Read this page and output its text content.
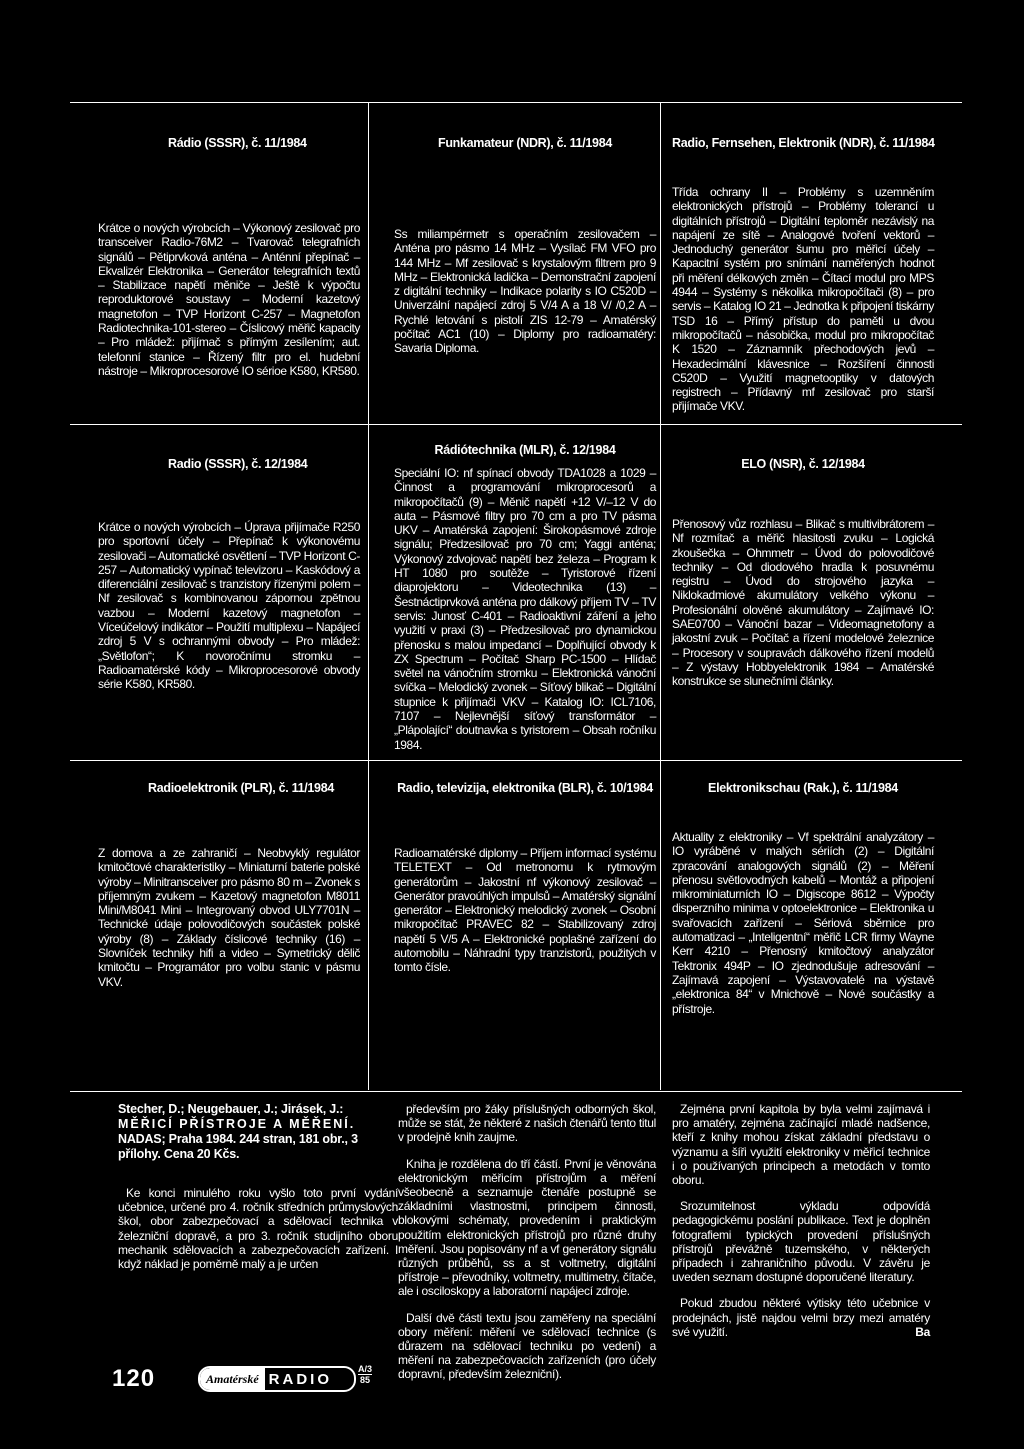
Rádio (SSSR), č. 11/1984
Krátce o nových výrobcích – Výkonový zesilovač pro transceiver Radio-76M2 – Tvarovač telegrafních signálů – Pětiprvková anténa – Anténní přepínač – Ekvalizér Elektronika – Generátor telegrafních textů – Stabilizace napětí měniče – Ještě k výpočtu reproduktorové soustavy – Moderní kazetový magnetofon – TVP Horizont C-257 – Magnetofon Radiotechnika-101-stereo – Číslicový měřič kapacity – Pro mládež: přijímač s přímým zesílením; aut. telefonní stanice – Řízený filtr pro el. hudební nástroje – Mikroprocesorové IO sérioe K580, KR580.
Funkamateur (NDR), č. 11/1984
Ss miliampérmetr s operačním zesilovačem – Anténa pro pásmo 14 MHz – Vysílač FM VFO pro 144 MHz – Mf zesilovač s krystalovým filtrem pro 9 MHz – Elektronická ladička – Demonstrační zapojení z digitální techniky – Indikace polarity s IO C520D – Univerzální napájecí zdroj 5 V/4 A a 18 V/ /0,2 A – Rychlé letování s pistolí ZIS 12-79 – Amatérský počítač AC1 (10) – Diplomy pro radioamatéry: Savaria Diploma.
Radio, Fernsehen, Elektronik (NDR), č. 11/1984
Třída ochrany II – Problémy s uzemněním elektronických přístrojů – Problémy tolerancí u digitálních přístrojů – Digitální teploměr nezávislý na napájení ze sítě – Analogové tvoření vektorů – Jednoduchý generátor šumu pro měřicí účely – Kapacitní systém pro snímání naměřených hodnot při měření délkových změn – Čítací modul pro MPS 4944 – Systémy s několika mikropočítači (8) – pro servis – Katalog IO 21 – Jednotka k připojení tiskárny TSD 16 – Přímý přístup do paměti u dvou mikropočítačů – násobička, modul pro mikropočítač K 1520 – Záznamník přechodových jevů – Hexadecimální klávesnice – Rozšíření činnosti C520D – Využití magnetooptiky v datových registrech – Přídavný mf zesilovač pro starší přijímače VKV.
Radio (SSSR), č. 12/1984
Krátce o nových výrobcích – Úprava přijímače R250 pro sportovní účely – Přepínač k výkonovému zesilovači – Automatické osvětlení – TVP Horizont C-257 – Automatický vypínač televizoru – Kaskódový a diferenciální zesilovač s tranzistory řízenými polem – Nf zesilovač s kombinovanou zápornou zpětnou vazbou – Moderní kazetový magnetofon – Víceúčelový indikátor – Použití multiplexu – Napájecí zdroj 5 V s ochrannými obvody – Pro mládež: „Světlofon“; K novoročnímu stromku – Radioamatérské kódy – Mikroprocesorové obvody série K580, KR580.
Rádiótechnika (MLR), č. 12/1984
Speciální IO: nf spínací obvody TDA1028 a 1029 – Činnost a programování mikroprocesorů a mikropočítačů (9) – Měnič napětí +12 V/–12 V do auta – Pásmové filtry pro 70 cm a pro TV pásma UKV – Amatérská zapojení: Širokopásmové zdroje signálu; Předzesilovač pro 70 cm; Yaggi anténa; Výkonový zdvojovač napětí bez železa – Program k HT 1080 pro soutěže – Tyristorové řízení diaprojektoru – Videotechnika (13) – Šestnáctiprvková anténa pro dálkový příjem TV – TV servis: Junosť C-401 – Radioaktivní záření a jeho využití v praxi (3) – Předzesilovač pro dynamickou přenosku s malou impedancí – Doplňující obvody k ZX Spectrum – Počítač Sharp PC-1500 – Hlídač světel na vánočním stromku – Elektronická vánoční svíčka – Melodický zvonek – Síťový blikač – Digitální stupnice k přijímači VKV – Katalog IO: ICL7106, 7107 – Nejlevnější síťový transformátor – „Plápolající“ doutnavka s tyristorem – Obsah ročníku 1984.
ELO (NSR), č. 12/1984
Přenosový vůz rozhlasu – Blikač s multivibrátorem – Nf rozmítač a měřič hlasitosti zvuku – Logická zkoušečka – Ohmmetr – Úvod do polovodičové techniky – Od diodového hradla k posuvnému registru – Úvod do strojového jazyka – Niklokadmiové akumulátory velkého výkonu – Profesionální olověné akumulátory – Zajímavé IO: SAE0700 – Vánoční bazar – Videomagnetofony a jakostní zvuk – Počítač a řízení modelové železnice – Procesory v soupravách dálkového řízení modelů – Z výstavy Hobbyelektronik 1984 – Amatérské konstrukce se slunečními články.
Radioelektronik (PLR), č. 11/1984
Z domova a ze zahraničí – Neobvyklý regulátor kmitočtové charakteristiky – Miniaturní baterie polské výroby – Minitransceiver pro pásmo 80 m – Zvonek s příjemným zvukem – Kazetový magnetofon M8011 Mini/M8041 Mini – Integrovaný obvod ULY7701N – Technické údaje polovodičových součástek polské výroby (8) – Základy číslicové techniky (16) – Slovníček techniky hifi a video – Symetrický dělič kmitočtu – Programátor pro volbu stanic v pásmu VKV.
Radio, televizija, elektronika (BLR), č. 10/1984
Radioamatérské diplomy – Příjem informací systému TELETEXT – Od metronomu k rytmovým generátorům – Jakostní nf výkonový zesilovač – Generátor pravoúhlých impulsů – Amatérský signální generátor – Elektronický melodický zvonek – Osobní mikropočítač PRAVEC 82 – Stabilizovaný zdroj napětí 5 V/5 A – Elektronické poplašné zařízení do automobilu – Náhradní typy tranzistorů, použitých v tomto čísle.
Elektronikschau (Rak.), č. 11/1984
Aktuality z elektroniky – Vf spektrální analyzátory – IO vyráběné v malých sériích (2) – Digitální zpracování analogových signálů (2) – Měření přenosu světlovodných kabelů – Montáž a připojení mikrominiaturních IO – Digiscope 8612 – Výpočty disperzního minima v optoelektronice – Elektronika u svařovacích zařízení – Sériová sběrnice pro automatizaci – „Inteligentní“ měřič LCR firmy Wayne Kerr 4210 – Přenosný kmitočtový analyzátor Tektronix 494P – IO zjednodušuje adresování – Zajímavá zapojení – Výstavovatelé na výstavě „elektronica 84“ v Mnichově – Nové součástky a přístroje.
Stecher, D.; Neugebauer, J.; Jirásek, J.:
MĚŘICÍ PŘÍSTROJE A MĚŘENÍ.
NADAS; Praha 1984. 244 stran, 181 obr., 3 přílohy. Cena 20 Kčs.

Ke konci minulého roku vyšlo toto první vydání učebnice, určené pro 4. ročník středních průmyslových škol, obor zabezpečovací a sdělovací technika v železniční dopravě, a pro 3. ročník studijního oboru mechanik sdělovacích a zabezpečovacích zařízení. I když náklad je poměrně malý a je určen

především pro žáky příslušných odborných škol, může se stát, že některé z našich čtenářů tento titul v prodejně knih zaujme.

Kniha je rozdělena do tří částí. První je věnována elektronickým měřicím přístrojům a měření všeobecně a seznamuje čtenáře postupně se základními vlastnostmi, principem činnosti, blokovými schématy, provedením i praktickým použitím elektronických přístrojů pro různé druhy měření. Jsou popisovány nf a vf generátory signálu různých průběhů, ss a st voltmetry, digitální přístroje – převodníky, voltmetry, multimetry, čítače, ale i osciloskopy a laboratorní napájecí zdroje.

Další dvě části textu jsou zaměřeny na speciální obory měření: měření ve sdělovací technice (s důrazem na sdělovací techniku po vedení) a měření na zabezpečovacích zařízeních (pro účely dopravní, především železniční).

Zejména první kapitola by byla velmi zajímavá i pro amatéry, zejména začínající mladé nadšence, kteří z knihy mohou získat základní představu o významu a šíři využití elektroniky v měřicí technice i o používaných principech a metodách v tomto oboru.

Srozumitelnost výkladu odpovídá pedagogickému poslání publikace. Text je doplněn fotografiemi typických provedení příslušných přístrojů převážně tuzemského, v některých případech i zahraničního původu. V závěru je uveden seznam dostupné doporučené literatury.

Pokud zbudou některé výtisky této učebnice v prodejnách, jistě najdou velmi brzy mezi amatéry své využití.	Ba

120	Amatérské RADIO
A/3
85
